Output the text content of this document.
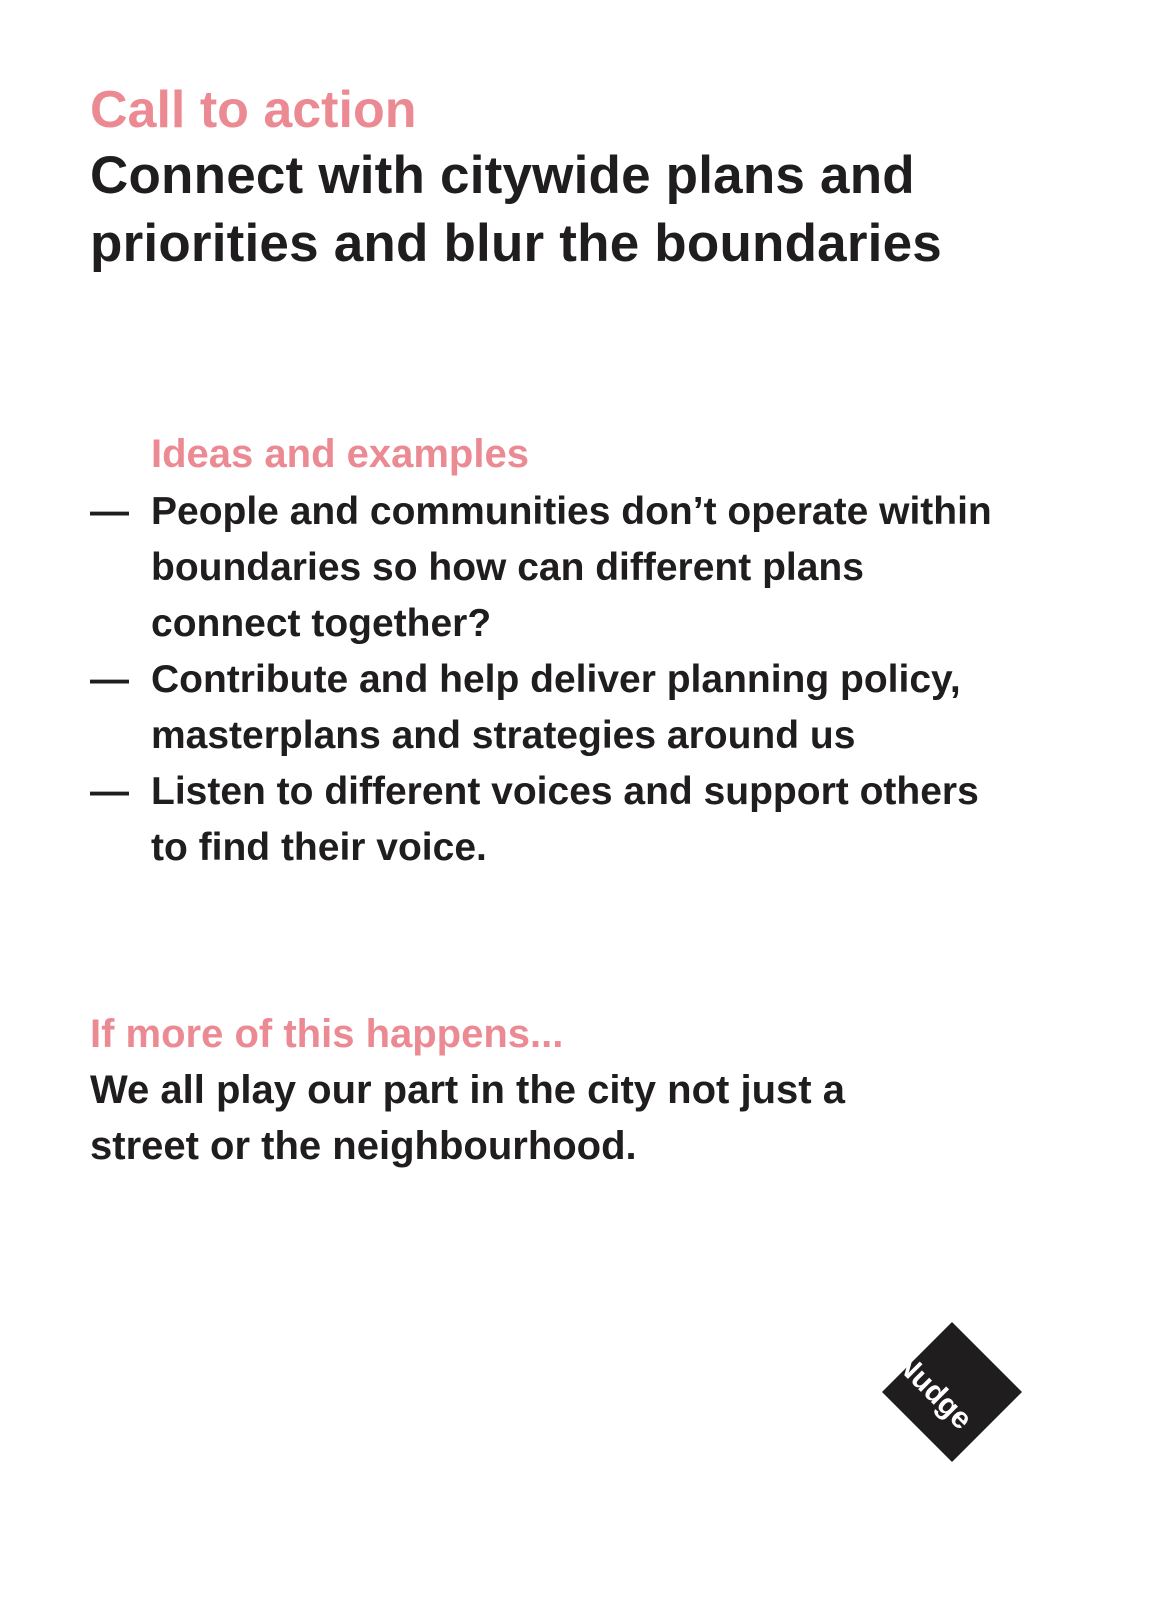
Call to action
Connect with citywide plans and
priorities and blur the boundaries
Ideas and examples
— People and communities don’t operate within
boundaries so how can different plans
connect together?
— Contribute and help deliver planning policy,
masterplans and strategies around us
— Listen to different voices and support others
to find their voice.
If more of this happens...
We all play our part in the city not just a
street or the neighbourhood.
Nudge
